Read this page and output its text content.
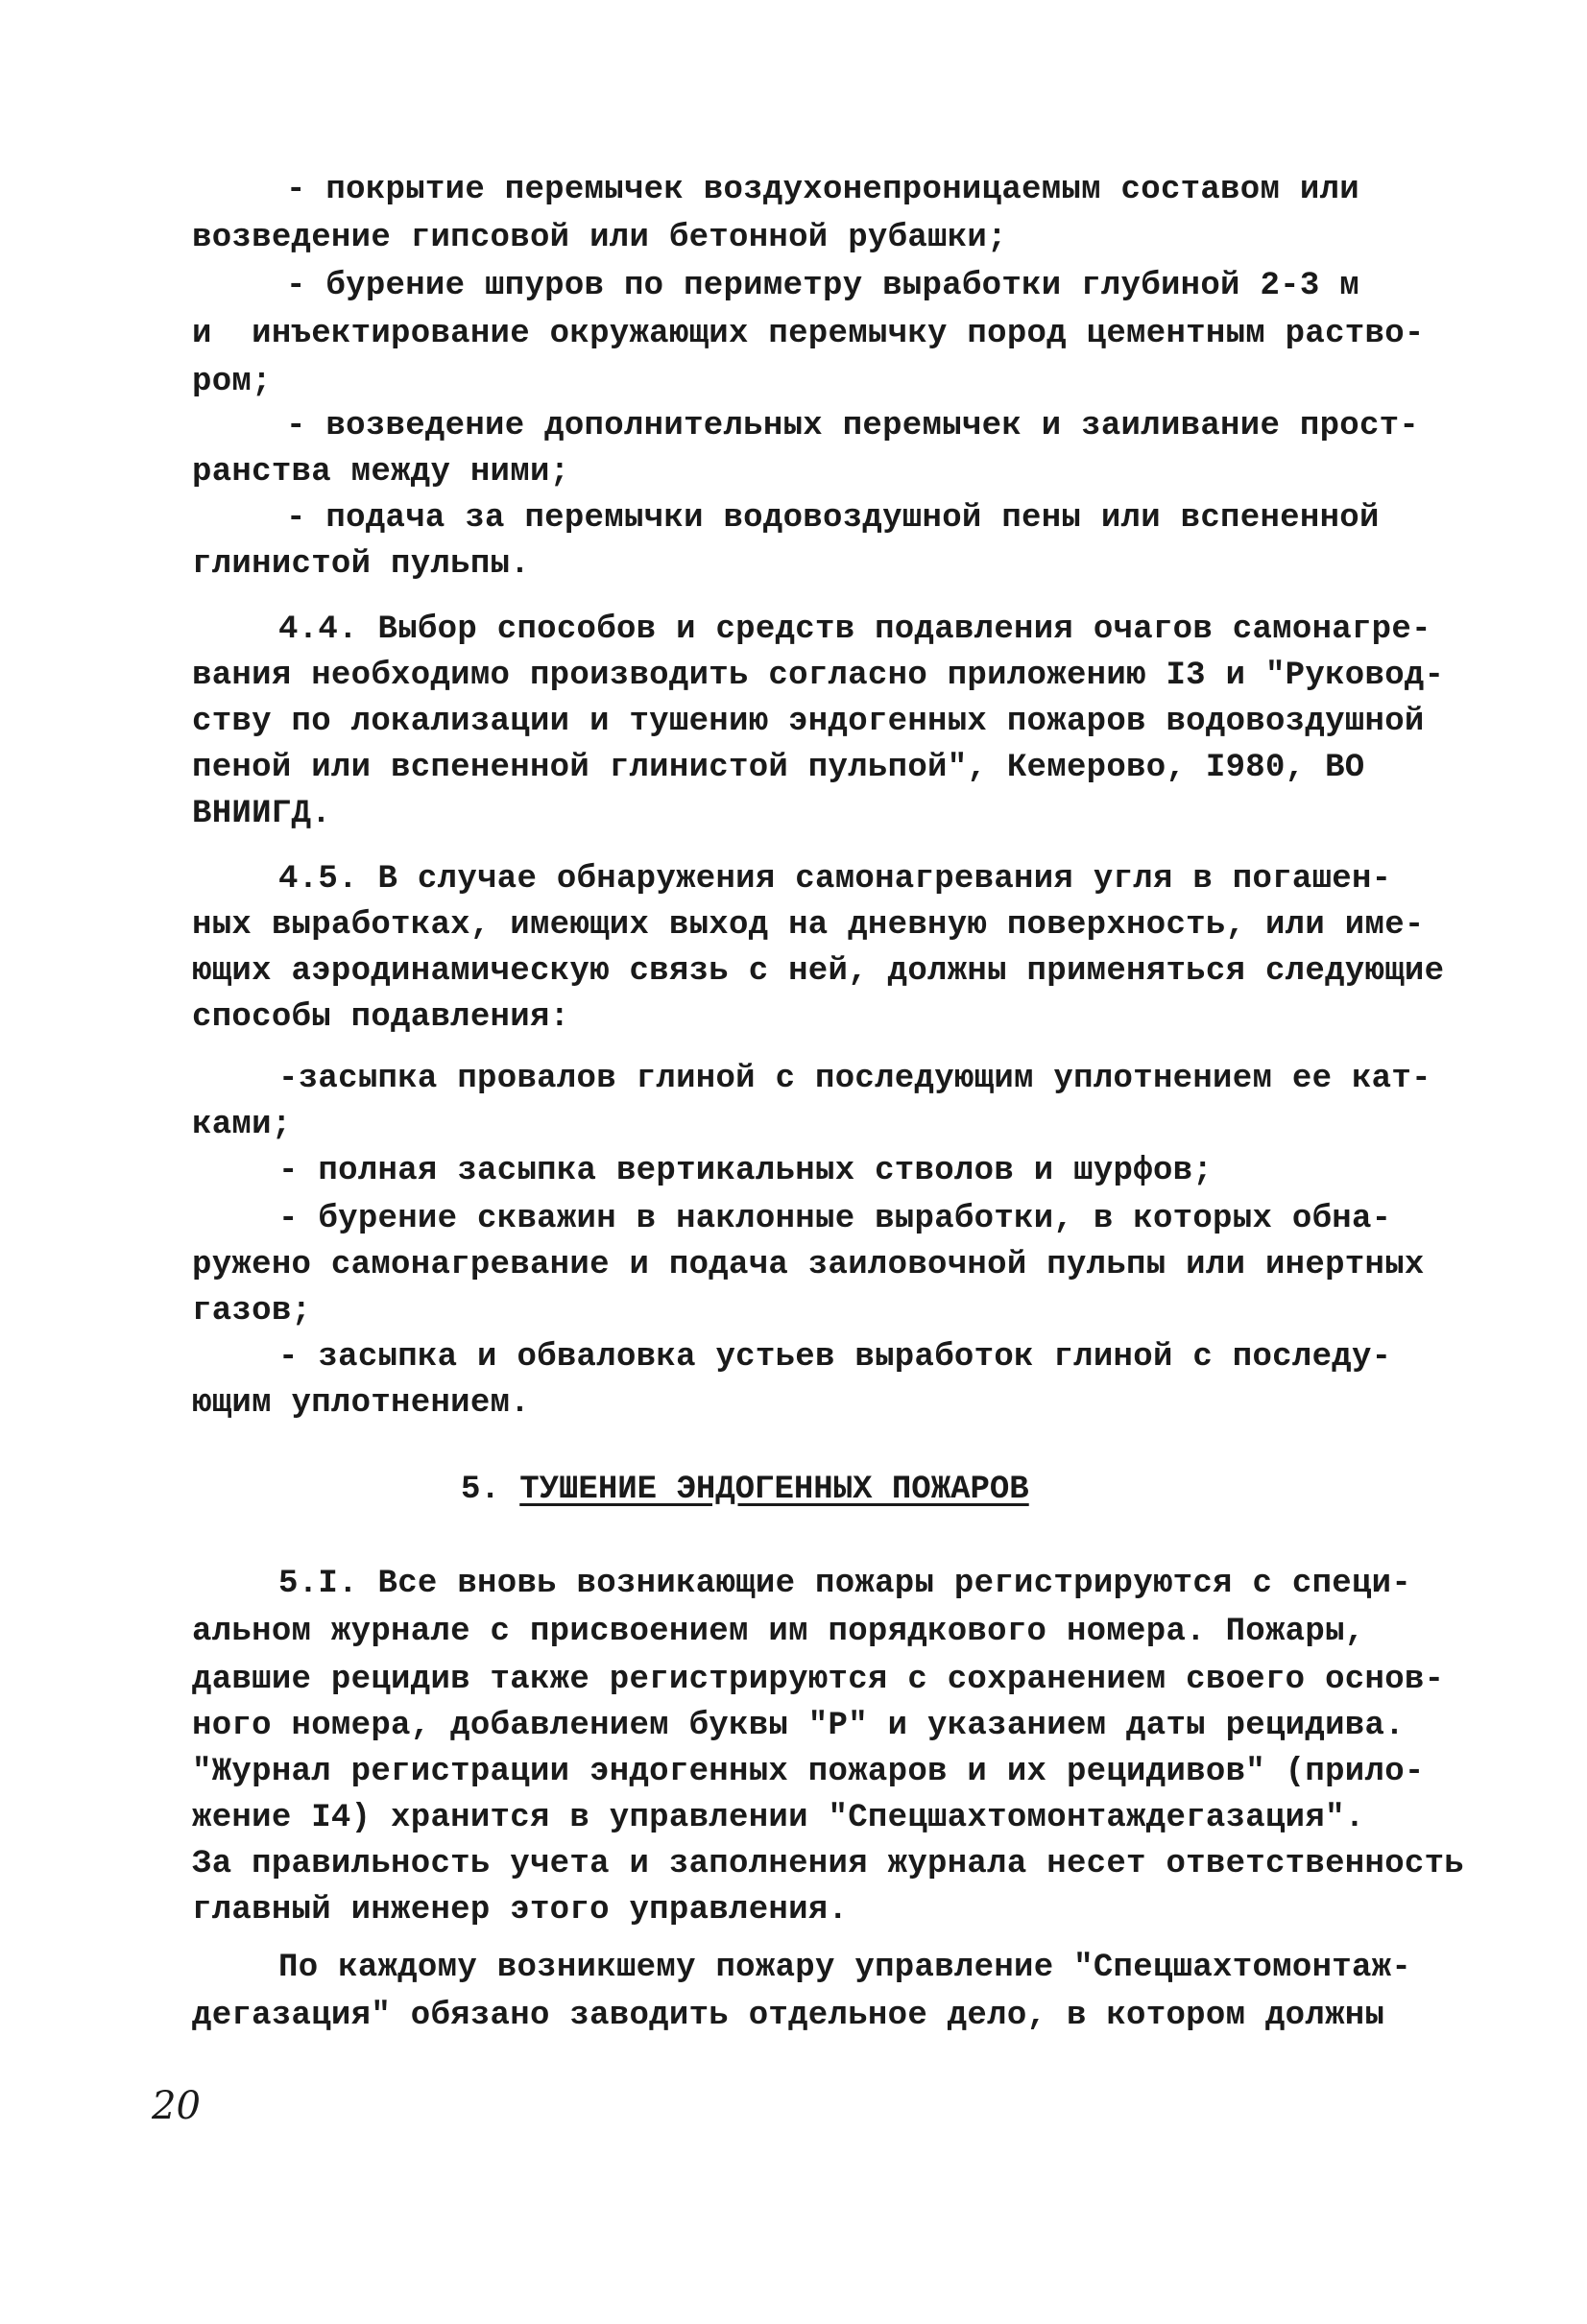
- покрытие перемычек воздухонепроницаемым составом или
возведение гипсовой или бетонной рубашки;
- бурение шпуров по периметру выработки глубиной 2-3 м
и  инъектирование окружающих перемычку пород цементным раство-
ром;
- возведение дополнительных перемычек и заиливание прост-
ранства между ними;
- подача за перемычки водовоздушной пены или вспененной
глинистой пульпы.
4.4. Выбор способов и средств подавления очагов самонагре-
вания необходимо производить согласно приложению I3 и "Руковод-
ству по локализации и тушению эндогенных пожаров водовоздушной
пеной или вспененной глинистой пульпой", Кемерово, I980, ВО
ВНИИГД.
4.5. В случае обнаружения самонагревания угля в погашен-
ных выработках, имеющих выход на дневную поверхность, или име-
ющих аэродинамическую связь с ней, должны применяться следующие
способы подавления:
-засыпка провалов глиной с последующим уплотнением ее кат-
ками;
- полная засыпка вертикальных стволов и шурфов;
- бурение скважин в наклонные выработки, в которых обна-
ружено самонагревание и подача заиловочной пульпы или инертных
газов;
- засыпка и обваловка устьев выработок глиной с последу-
ющим уплотнением.
5. ТУШЕНИЕ ЭНДОГЕННЫХ ПОЖАРОВ
5.I. Все вновь возникающие пожары регистрируются с специ-
альном журнале с присвоением им порядкового номера. Пожары,
давшие рецидив также регистрируются с сохранением своего основ-
ного номера, добавлением буквы "Р" и указанием даты рецидива.
"Журнал регистрации эндогенных пожаров и их рецидивов" (прило-
жение I4) хранится в управлении "Спецшахтомонтаждегазация".
За правильность учета и заполнения журнала несет ответственность
главный инженер этого управления.
По каждому возникшему пожару управление "Спецшахтомонтаж-
дегазация" обязано заводить отдельное дело, в котором должны
20
